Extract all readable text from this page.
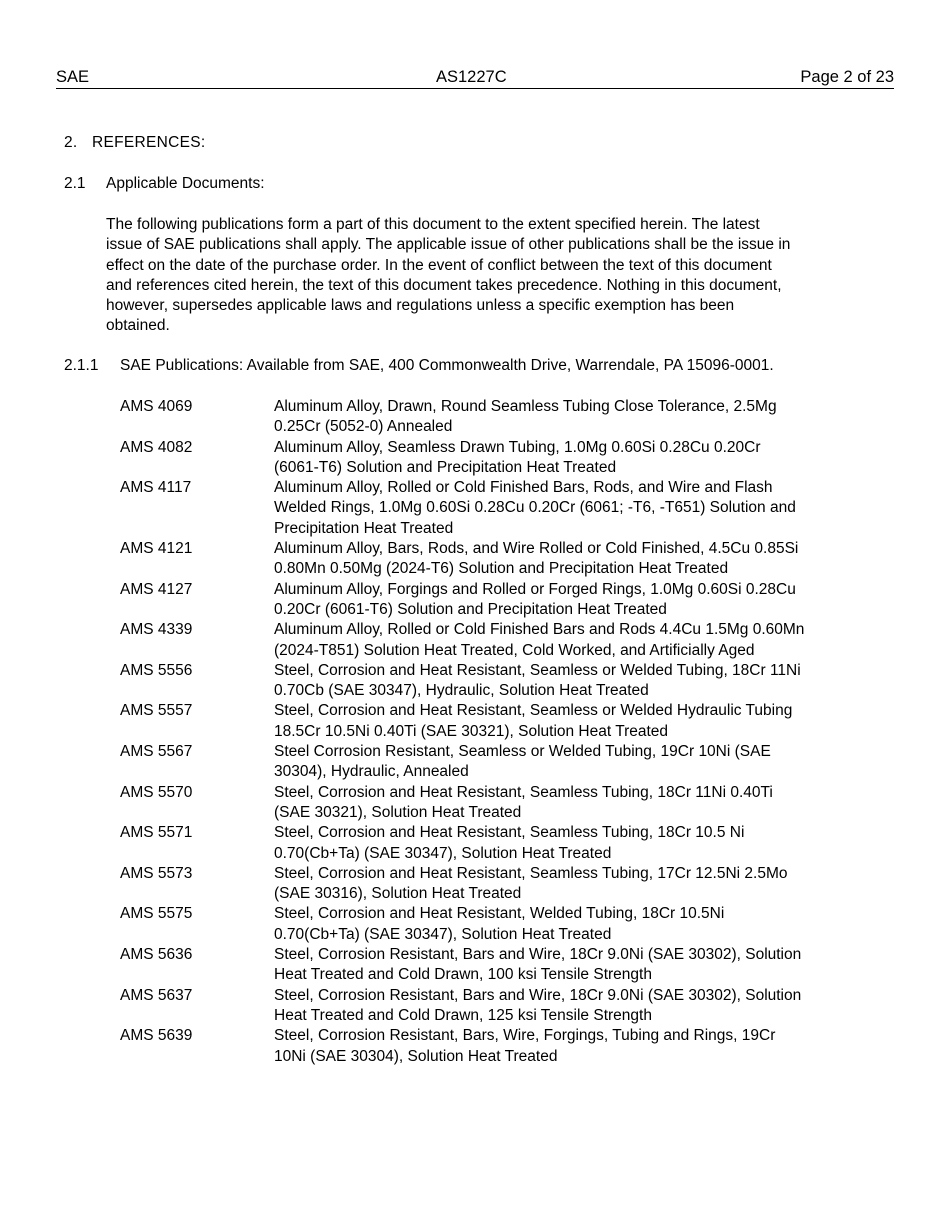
SAE	AS1227C	Page 2 of 23
2. REFERENCES:
2.1 Applicable Documents:
The following publications form a part of this document to the extent specified herein. The latest
issue of SAE publications shall apply. The applicable issue of other publications shall be the issue in
effect on the date of the purchase order. In the event of conflict between the text of this document
and references cited herein, the text of this document takes precedence. Nothing in this document,
however, supersedes applicable laws and regulations unless a specific exemption has been
obtained.
2.1.1 SAE Publications: Available from SAE, 400 Commonwealth Drive, Warrendale, PA 15096-0001.
AMS 4069	Aluminum Alloy, Drawn, Round Seamless Tubing Close Tolerance, 2.5Mg
0.25Cr (5052-0) Annealed
AMS 4082	Aluminum Alloy, Seamless Drawn Tubing, 1.0Mg 0.60Si 0.28Cu 0.20Cr
(6061-T6) Solution and Precipitation Heat Treated
AMS 4117	Aluminum Alloy, Rolled or Cold Finished Bars, Rods, and Wire and Flash
Welded Rings, 1.0Mg 0.60Si 0.28Cu 0.20Cr (6061; -T6, -T651) Solution and
Precipitation Heat Treated
AMS 4121	Aluminum Alloy, Bars, Rods, and Wire Rolled or Cold Finished, 4.5Cu 0.85Si
0.80Mn 0.50Mg (2024-T6) Solution and Precipitation Heat Treated
AMS 4127	Aluminum Alloy, Forgings and Rolled or Forged Rings, 1.0Mg 0.60Si 0.28Cu
0.20Cr (6061-T6) Solution and Precipitation Heat Treated
AMS 4339	Aluminum Alloy, Rolled or Cold Finished Bars and Rods 4.4Cu 1.5Mg 0.60Mn
(2024-T851) Solution Heat Treated, Cold Worked, and Artificially Aged
AMS 5556	Steel, Corrosion and Heat Resistant, Seamless or Welded Tubing, 18Cr 11Ni
0.70Cb (SAE 30347), Hydraulic, Solution Heat Treated
AMS 5557	Steel, Corrosion and Heat Resistant, Seamless or Welded Hydraulic Tubing
18.5Cr 10.5Ni 0.40Ti (SAE 30321), Solution Heat Treated
AMS 5567	Steel Corrosion Resistant, Seamless or Welded Tubing, 19Cr 10Ni (SAE
30304), Hydraulic, Annealed
AMS 5570	Steel, Corrosion and Heat Resistant, Seamless Tubing, 18Cr 11Ni 0.40Ti
(SAE 30321), Solution Heat Treated
AMS 5571	Steel, Corrosion and Heat Resistant, Seamless Tubing, 18Cr 10.5 Ni
0.70(Cb+Ta) (SAE 30347), Solution Heat Treated
AMS 5573	Steel, Corrosion and Heat Resistant, Seamless Tubing, 17Cr 12.5Ni 2.5Mo
(SAE 30316), Solution Heat Treated
AMS 5575	Steel, Corrosion and Heat Resistant, Welded Tubing, 18Cr 10.5Ni
0.70(Cb+Ta) (SAE 30347), Solution Heat Treated
AMS 5636	Steel, Corrosion Resistant, Bars and Wire, 18Cr 9.0Ni (SAE 30302), Solution
Heat Treated and Cold Drawn, 100 ksi Tensile Strength
AMS 5637	Steel, Corrosion Resistant, Bars and Wire, 18Cr 9.0Ni (SAE 30302), Solution
Heat Treated and Cold Drawn, 125 ksi Tensile Strength
AMS 5639	Steel, Corrosion Resistant, Bars, Wire, Forgings, Tubing and Rings, 19Cr
10Ni (SAE 30304), Solution Heat Treated
